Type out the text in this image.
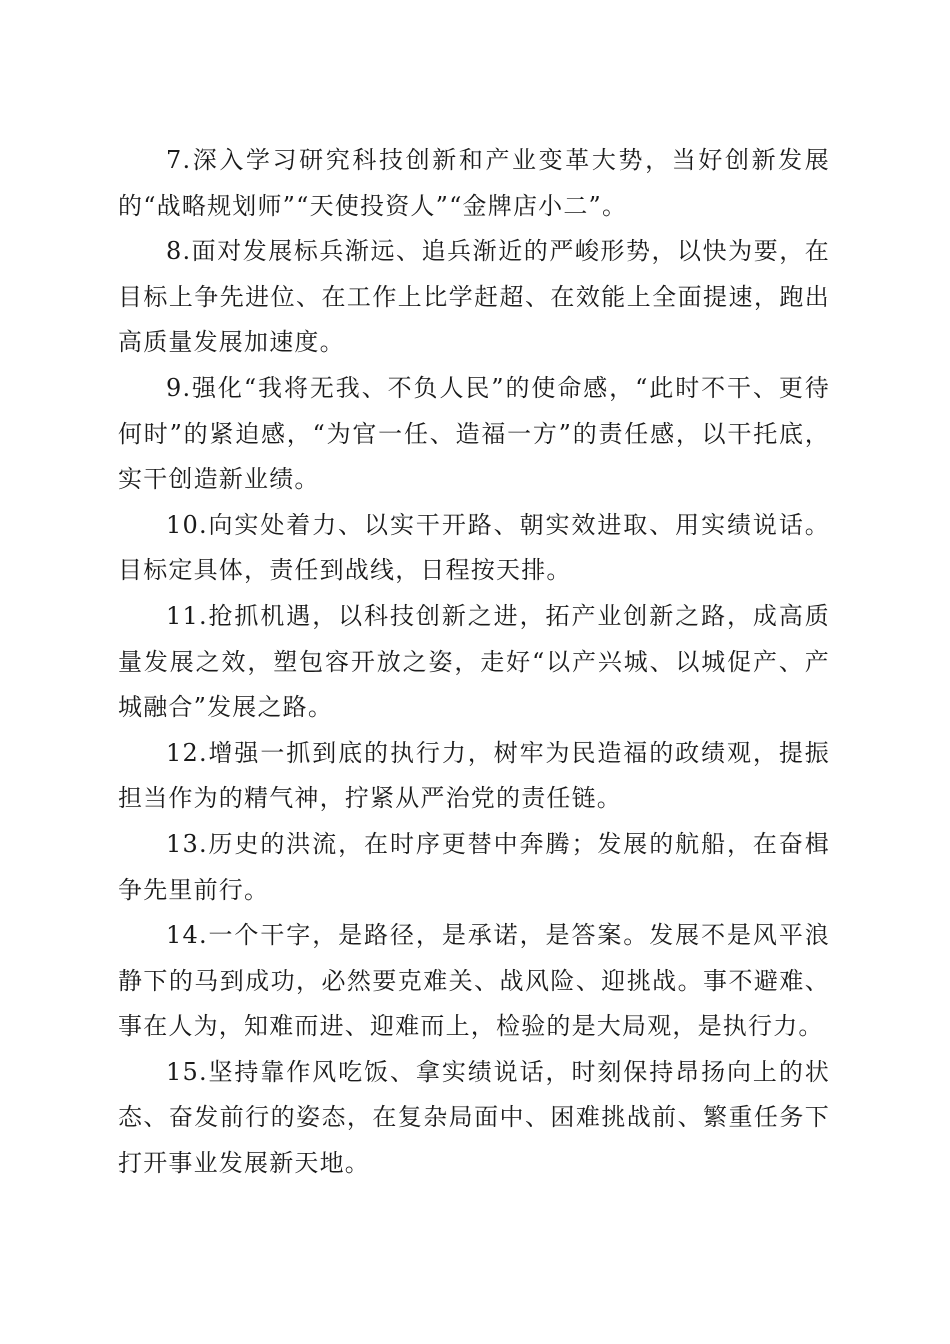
7.深入学习研究科技创新和产业变革大势，当好创新发展的“战略规划师”“天使投资人”“金牌店小二”。

8.面对发展标兵渐远、追兵渐近的严峻形势，以快为要，在目标上争先进位、在工作上比学赶超、在效能上全面提速，跑出高质量发展加速度。

9.强化“我将无我、不负人民”的使命感，“此时不干、更待何时”的紧迫感，“为官一任、造福一方”的责任感，以干托底，实干创造新业绩。

10.向实处着力、以实干开路、朝实效进取、用实绩说话。目标定具体，责任到战线，日程按天排。

11.抢抓机遇，以科技创新之进，拓产业创新之路，成高质量发展之效，塑包容开放之姿，走好“以产兴城、以城促产、产城融合”发展之路。

12.增强一抓到底的执行力，树牢为民造福的政绩观，提振担当作为的精气神，拧紧从严治党的责任链。

13.历史的洪流，在时序更替中奔腾；发展的航船，在奋楫争先里前行。

14.一个干字，是路径，是承诺，是答案。发展不是风平浪静下的马到成功，必然要克难关、战风险、迎挑战。事不避难、事在人为，知难而进、迎难而上，检验的是大局观，是执行力。

15.坚持靠作风吃饭、拿实绩说话，时刻保持昂扬向上的状态、奋发前行的姿态，在复杂局面中、困难挑战前、繁重任务下打开事业发展新天地。
